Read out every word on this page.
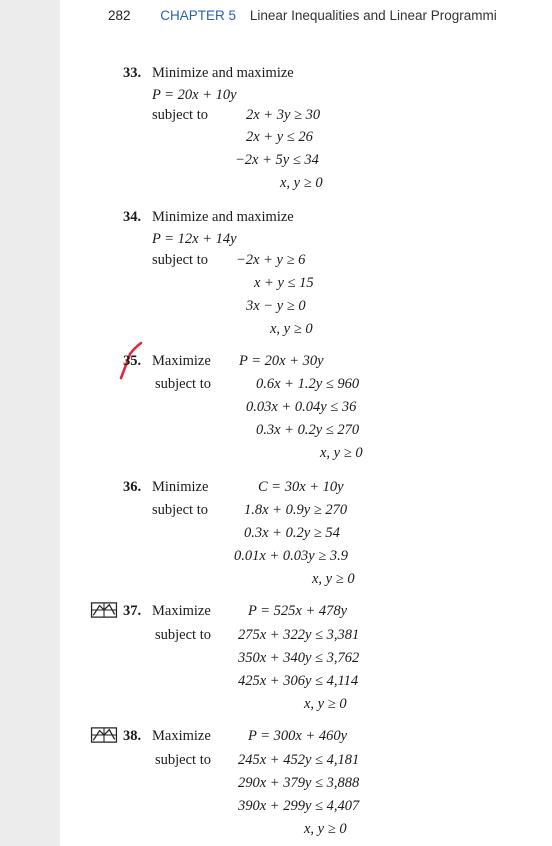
282 CHAPTER 5 Linear Inequalities and Linear Programmi
33. Minimize and maximize
P = 20x + 10y
subject to	2x + 3y ≥ 30
2x + y ≤ 26
−2x + 5y ≤ 34
x, y ≥ 0
34. Minimize and maximize
P = 12x + 14y
subject to −2x + y ≥ 6
x + y ≤ 15
3x − y ≥ 0
x, y ≥ 0
35. Maximize P = 20x + 30y
subject to	0.6x + 1.2y ≤ 960
0.03x + 0.04y ≤ 36
0.3x + 0.2y ≤ 270
x, y ≥ 0
36. Minimize	C = 30x + 10y
subject to 1.8x + 0.9y ≥ 270
0.3x + 0.2y ≥ 54
0.01x + 0.03y ≥ 3.9
x, y ≥ 0
37. Maximize	P = 525x + 478y
subject to 275x + 322y ≤ 3,381
350x + 340y ≤ 3,762
425x + 306y ≤ 4,114
x, y ≥ 0
38. Maximize	P = 300x + 460y
subject to 245x + 452y ≤ 4,181
290x + 379y ≤ 3,888
390x + 299y ≤ 4,407
x, y ≥ 0
